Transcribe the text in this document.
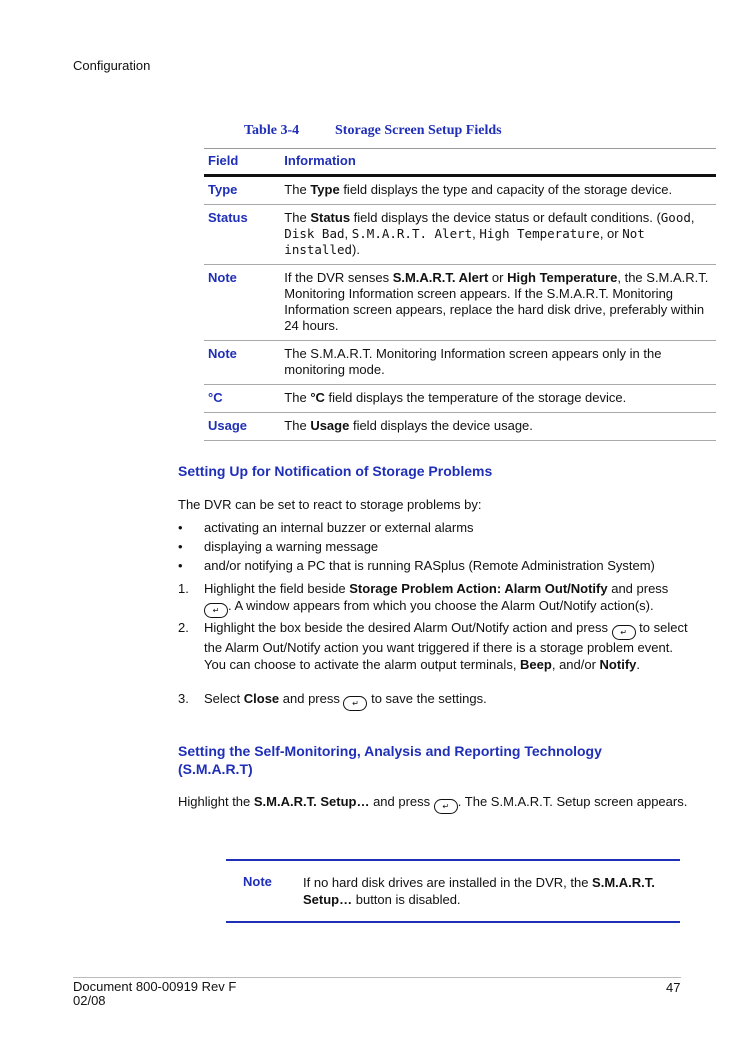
Configuration
Table 3-4	Storage Screen Setup Fields
Field	Information
Type	The Type field displays the type and capacity of the storage device.
Status	The Status field displays the device status or default conditions. (Good, Disk Bad, S.M.A.R.T. Alert, High Temperature, or Not installed).
Note	If the DVR senses S.M.A.R.T. Alert or High Temperature, the S.M.A.R.T. Monitoring Information screen appears. If the S.M.A.R.T. Monitoring Information screen appears, replace the hard disk drive, preferably within 24 hours.
Note	The S.M.A.R.T. Monitoring Information screen appears only in the monitoring mode.
°C	The °C field displays the temperature of the storage device.
Usage	The Usage field displays the device usage.
Setting Up for Notification of Storage Problems
The DVR can be set to react to storage problems by:
• activating an internal buzzer or external alarms
• displaying a warning message
• and/or notifying a PC that is running RASplus (Remote Administration System)
1. Highlight the field beside Storage Problem Action: Alarm Out/Notify and press
↵ . A window appears from which you choose the Alarm Out/Notify action(s).
2. Highlight the box beside the desired Alarm Out/Notify action and press ↵ to select the Alarm Out/Notify action you want triggered if there is a storage problem event. You can choose to activate the alarm output terminals, Beep, and/or Notify.
3. Select Close and press ↵ to save the settings.
Setting the Self-Monitoring, Analysis and Reporting Technology
(S.M.A.R.T)
Highlight the S.M.A.R.T. Setup… and press ↵ . The S.M.A.R.T. Setup screen appears.
Note If no hard disk drives are installed in the DVR, the S.M.A.R.T. Setup… button is disabled.
Document 800-00919 Rev F
02/08
47
